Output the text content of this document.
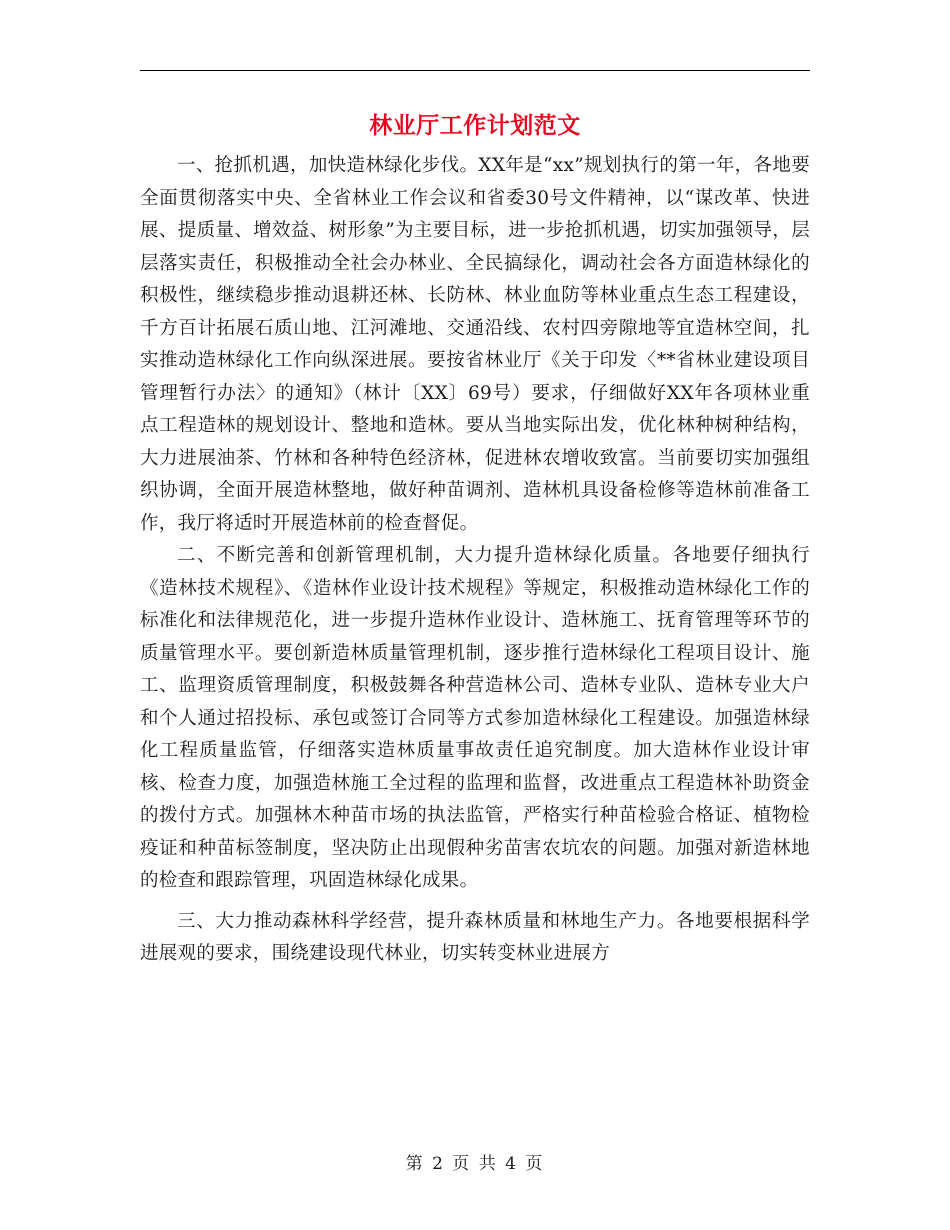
林业厅工作计划范文

一、抢抓机遇，加快造林绿化步伐。XX年是“xx”规划执行的第一年，各地要全面贯彻落实中央、全省林业工作会议和省委30号文件精神，以“谋改革、快进展、提质量、增效益、树形象”为主要目标，进一步抢抓机遇，切实加强领导，层层落实责任，积极推动全社会办林业、全民搞绿化，调动社会各方面造林绿化的积极性，继续稳步推动退耕还林、长防林、林业血防等林业重点生态工程建设，千方百计拓展石质山地、江河滩地、交通沿线、农村四旁隙地等宜造林空间，扎实推动造林绿化工作向纵深进展。要按省林业厅《关于印发〈**省林业建设项目管理暂行办法〉的通知》（林计〔XX〕69号）要求，仔细做好XX年各项林业重点工程造林的规划设计、整地和造林。要从当地实际出发，优化林种树种结构，大力进展油茶、竹林和各种特色经济林，促进林农增收致富。当前要切实加强组织协调，全面开展造林整地，做好种苗调剂、造林机具设备检修等造林前准备工作，我厅将适时开展造林前的检查督促。

二、不断完善和创新管理机制，大力提升造林绿化质量。各地要仔细执行《造林技术规程》、《造林作业设计技术规程》等规定，积极推动造林绿化工作的标准化和法律规范化，进一步提升造林作业设计、造林施工、抚育管理等环节的质量管理水平。要创新造林质量管理机制，逐步推行造林绿化工程项目设计、施工、监理资质管理制度，积极鼓舞各种营造林公司、造林专业队、造林专业大户和个人通过招投标、承包或签订合同等方式参加造林绿化工程建设。加强造林绿化工程质量监管，仔细落实造林质量事故责任追究制度。加大造林作业设计审核、检查力度，加强造林施工全过程的监理和监督，改进重点工程造林补助资金的拨付方式。加强林木种苗市场的执法监管，严格实行种苗检验合格证、植物检疫证和种苗标签制度，坚决防止出现假种劣苗害农坑农的问题。加强对新造林地的检查和跟踪管理，巩固造林绿化成果。

三、大力推动森林科学经营，提升森林质量和林地生产力。各地要根据科学进展观的要求，围绕建设现代林业，切实转变林业进展方

第 2 页 共 4 页
